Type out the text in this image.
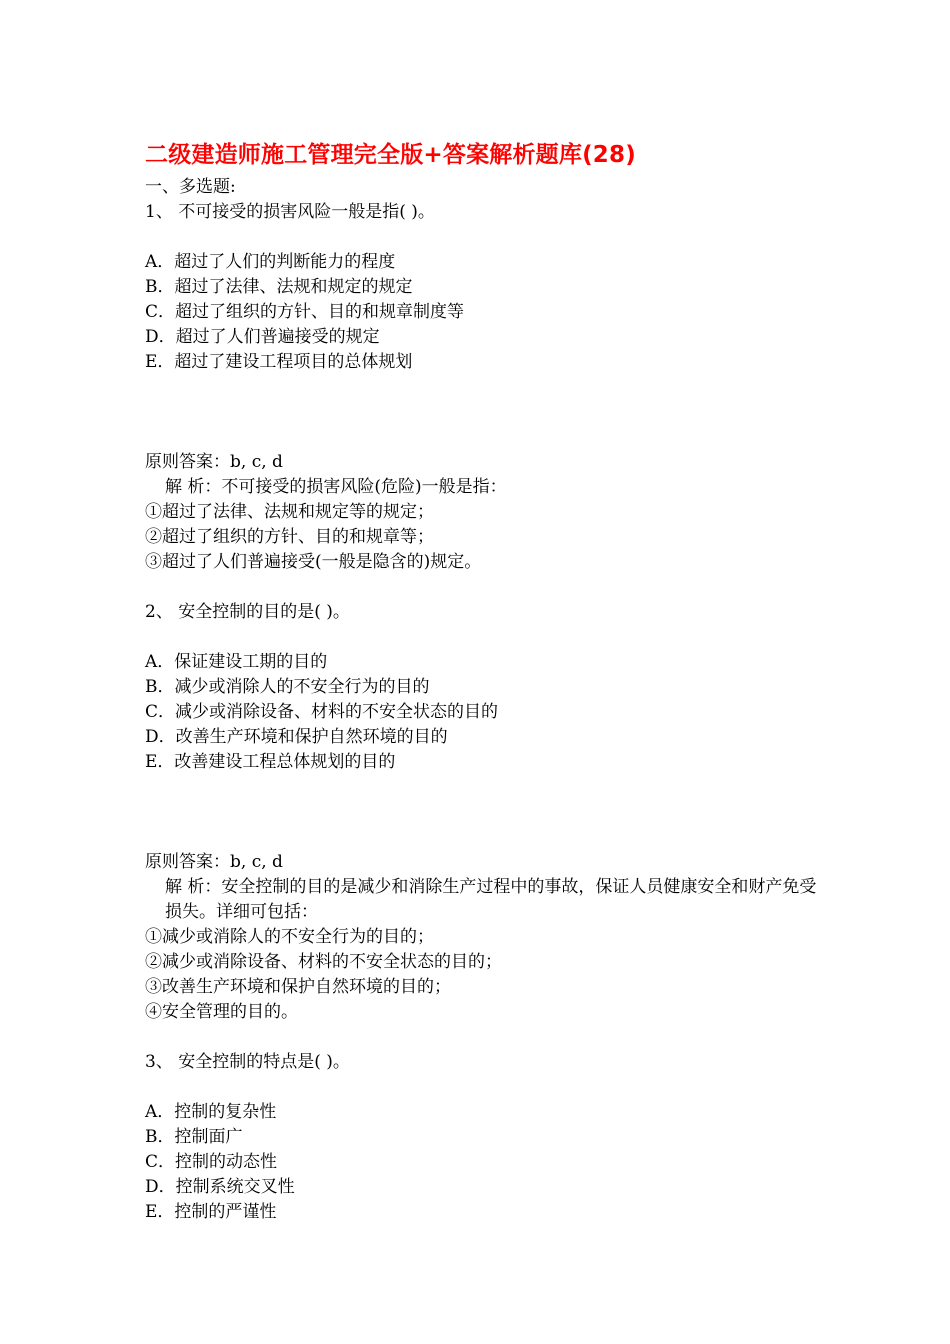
二级建造师施工管理完全版+答案解析题库(28)
一、多选题:
1、 不可接受的损害风险一般是指( )。
A．超过了人们的判断能力的程度
B．超过了法律、法规和规定的规定
C．超过了组织的方针、目的和规章制度等
D．超过了人们普遍接受的规定
E．超过了建设工程项目的总体规划
原则答案：b, c, d
解 析：不可接受的损害风险(危险)一般是指：
①超过了法律、法规和规定等的规定；
②超过了组织的方针、目的和规章等；
③超过了人们普遍接受(一般是隐含的)规定。
2、 安全控制的目的是( )。
A．保证建设工期的目的
B．减少或消除人的不安全行为的目的
C．减少或消除设备、材料的不安全状态的目的
D．改善生产环境和保护自然环境的目的
E．改善建设工程总体规划的目的
原则答案：b, c, d
解 析：安全控制的目的是减少和消除生产过程中的事故，保证人员健康安全和财产免受损失。详细可包括：
①减少或消除人的不安全行为的目的；
②减少或消除设备、材料的不安全状态的目的；
③改善生产环境和保护自然环境的目的；
④安全管理的目的。
3、 安全控制的特点是( )。
A．控制的复杂性
B．控制面广
C．控制的动态性
D．控制系统交叉性
E．控制的严谨性
